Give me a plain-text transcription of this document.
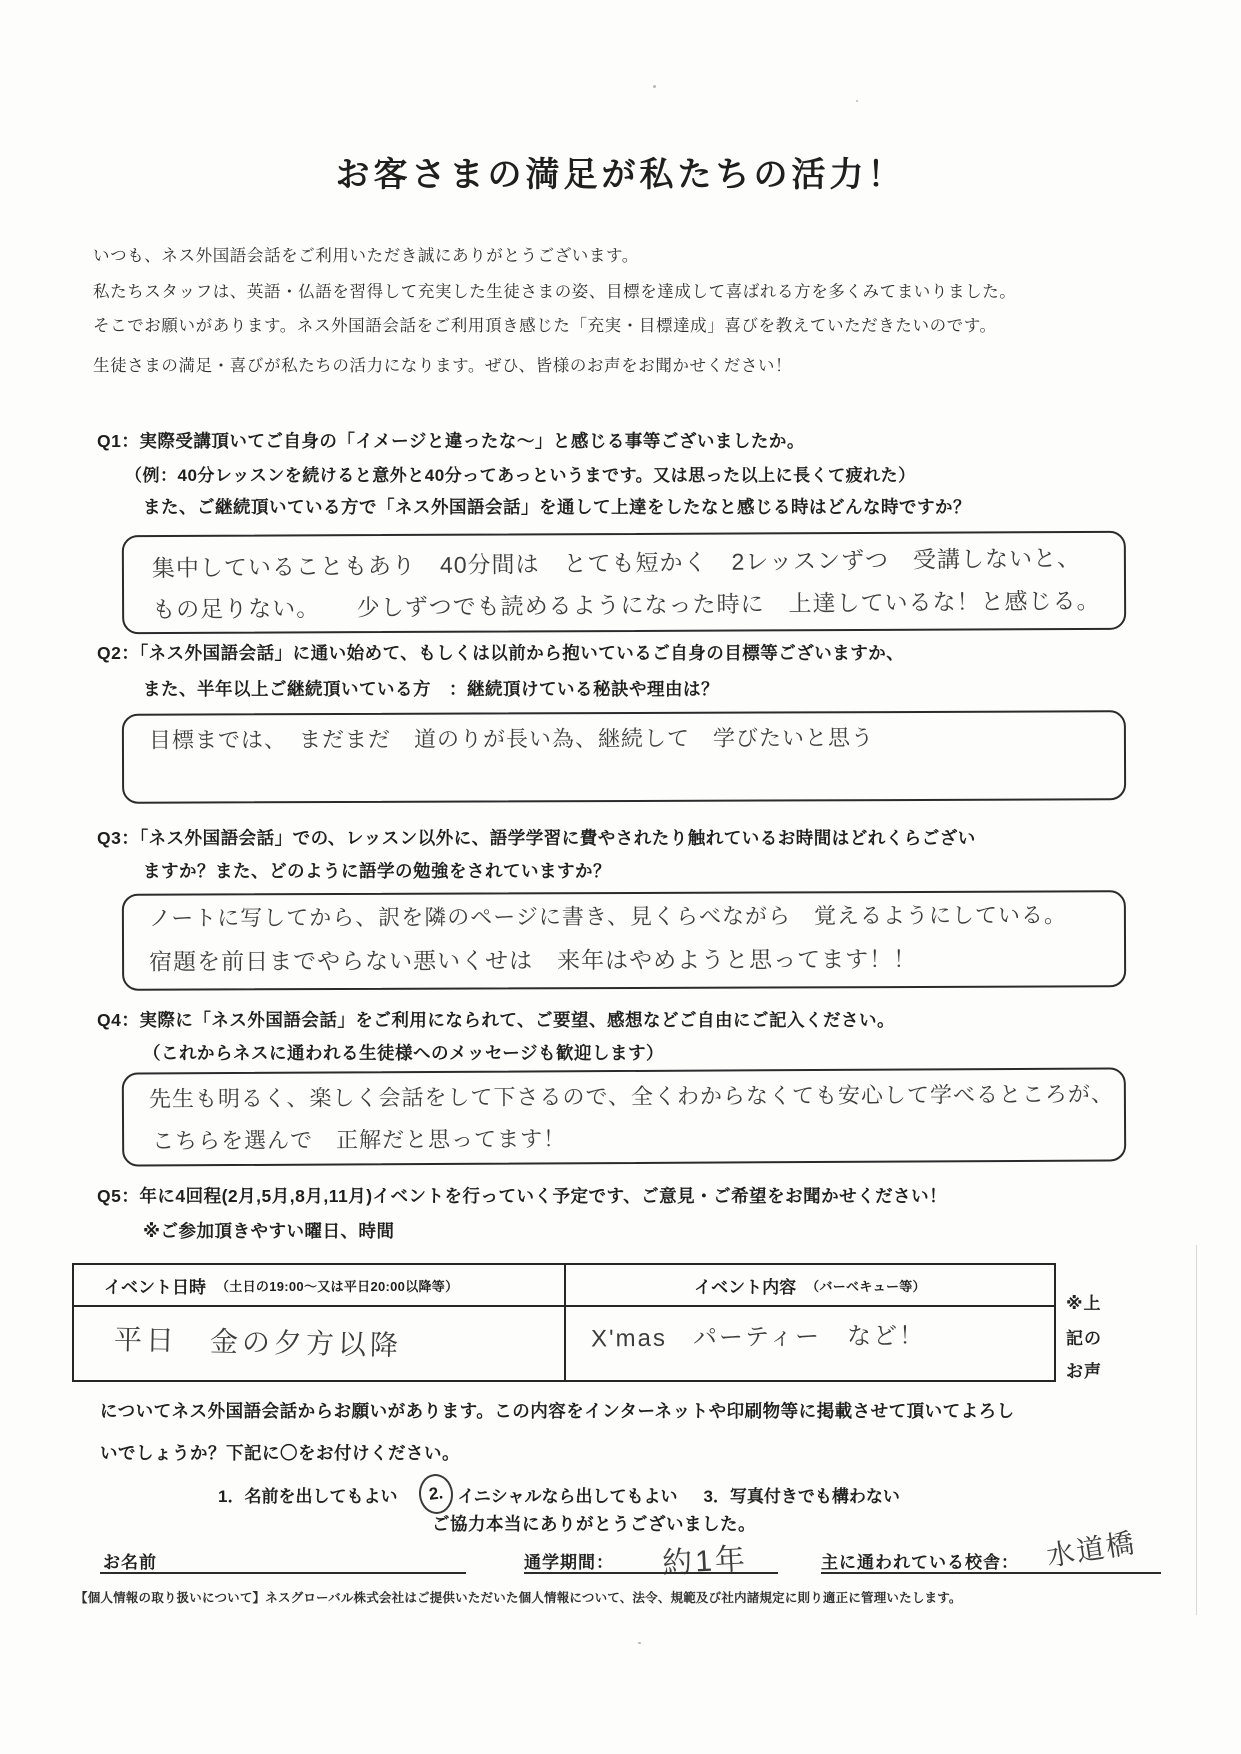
お客さまの満足が私たちの活力！
いつも、ネス外国語会話をご利用いただき誠にありがとうございます。
私たちスタッフは、英語・仏語を習得して充実した生徒さまの姿、目標を達成して喜ばれる方を多くみてまいりました。
そこでお願いがあります。ネス外国語会話をご利用頂き感じた「充実・目標達成」喜びを教えていただきたいのです。
生徒さまの満足・喜びが私たちの活力になります。ぜひ、皆様のお声をお聞かせください！
Q1：実際受講頂いてご自身の「イメージと違ったな～」と感じる事等ございましたか。
（例：40分レッスンを続けると意外と40分ってあっというまです。又は思った以上に長くて疲れた）
また、ご継続頂いている方で「ネス外国語会話」を通して上達をしたなと感じる時はどんな時ですか？
集中していることもあり　40分間は　とても短かく　2レッスンずつ　受講しないと、
もの足りない。　　少しずつでも読めるようになった時に　上達しているな！と感じる。
Q2：「ネス外国語会話」に通い始めて、もしくは以前から抱いているご自身の目標等ございますか、
また、半年以上ご継続頂いている方　：継続頂けている秘訣や理由は？
目標までは、　まだまだ　道のりが長い為、継続して　学びたいと思う
Q3：「ネス外国語会話」での、レッスン以外に、語学学習に費やされたり触れているお時間はどれくらござい
ますか？また、どのように語学の勉強をされていますか？
ノートに写してから、訳を隣のページに書き、見くらべながら　覚えるようにしている。
宿題を前日までやらない悪いくせは　来年はやめようと思ってます！！
Q4：実際に「ネス外国語会話」をご利用になられて、ご要望、感想などご自由にご記入ください。
（これからネスに通われる生徒様へのメッセージも歓迎します）
先生も明るく、楽しく会話をして下さるので、全くわからなくても安心して学べるところが、
こちらを選んで　正解だと思ってます！
Q5：年に4回程(2月,5月,8月,11月)イベントを行っていく予定です、ご意見・ご希望をお聞かせください！
※ご参加頂きやすい曜日、時間
イベント日時 （土日の19:00～又は平日20:00以降等）	イベント内容 （バーベキュー等）
平日　金の夕方以降	X'mas　パーティー　など！
※上
記の
お声
についてネス外国語会話からお願いがあります。この内容をインターネットや印刷物等に掲載させて頂いてよろし
いでしょうか？下記に〇をお付けください。
1．名前を出してもよい	2. イニシャルなら出してもよい 3．写真付きでも構わない
ご協力本当にありがとうございました。
お名前	通学期間： 約1年	主に通われている校舎： 水道橋
【個人情報の取り扱いについて】ネスグローバル株式会社はご提供いただいた個人情報について、法令、規範及び社内諸規定に則り適正に管理いたします。
